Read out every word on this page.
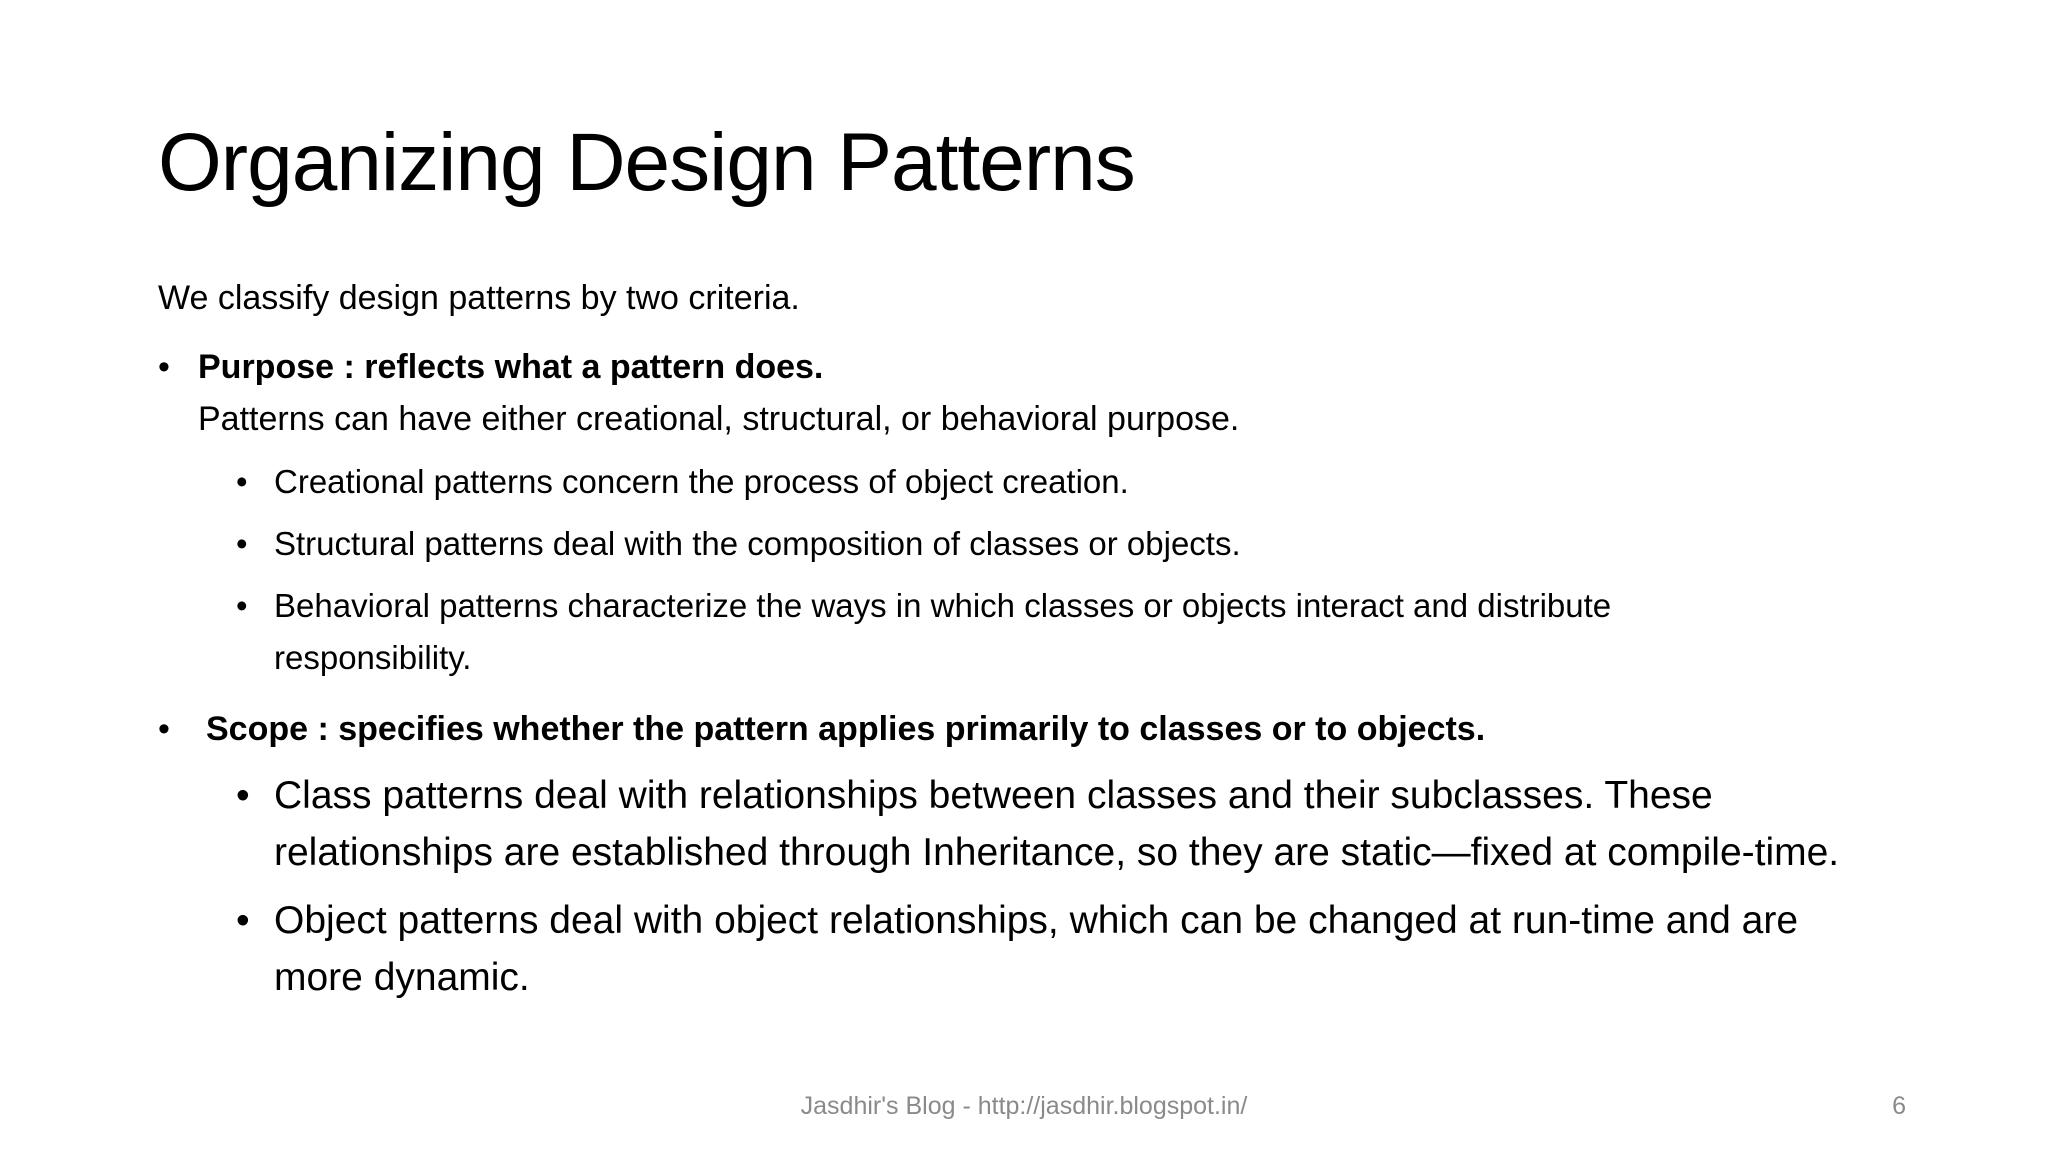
Organizing Design Patterns
We classify design patterns by two criteria.
• Purpose : reflects what a pattern does.
Patterns can have either creational, structural, or behavioral purpose.
• Creational patterns concern the process of object creation.
• Structural patterns deal with the composition of classes or objects.
• Behavioral patterns characterize the ways in which classes or objects interact and distribute
responsibility.
• Scope : specifies whether the pattern applies primarily to classes or to objects.
• Class patterns deal with relationships between classes and their subclasses. These
relationships are established through Inheritance, so they are static—fixed at compile-time.
• Object patterns deal with object relationships, which can be changed at run-time and are
more dynamic.
Jasdhir's Blog - http://jasdhir.blogspot.in/	6
